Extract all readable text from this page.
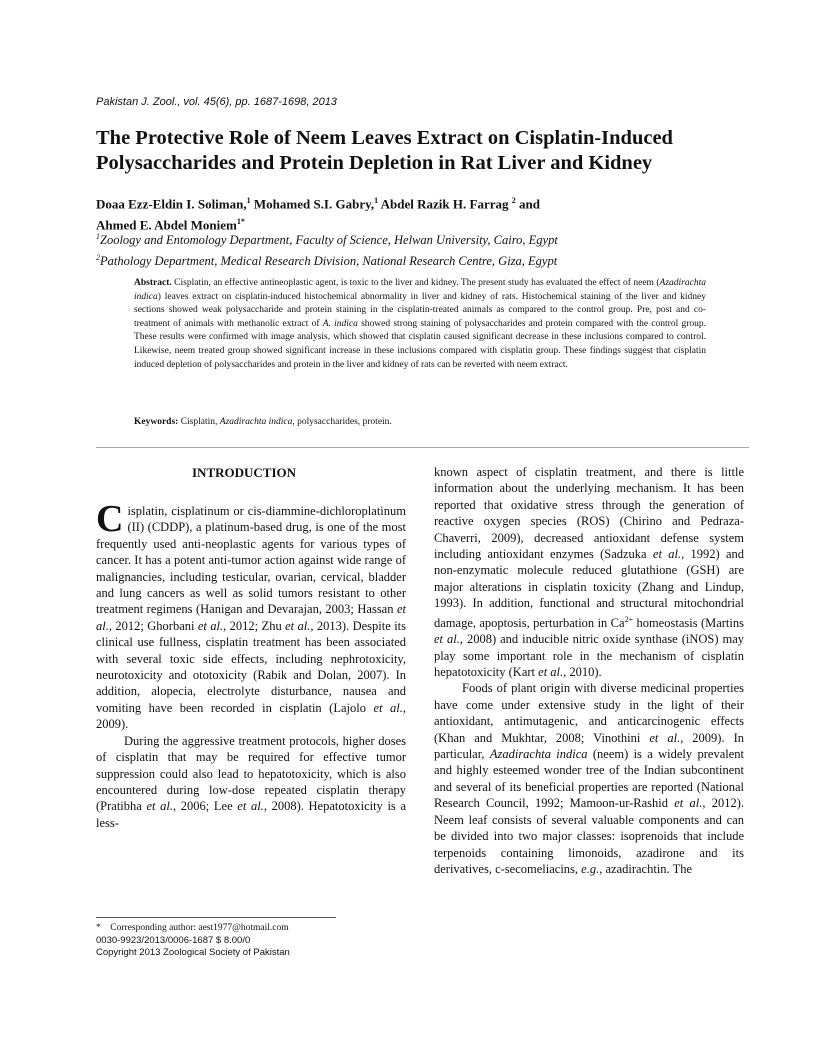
Pakistan J. Zool., vol. 45(6), pp. 1687-1698, 2013
The Protective Role of Neem Leaves Extract on Cisplatin-Induced Polysaccharides and Protein Depletion in Rat Liver and Kidney
Doaa Ezz-Eldin I. Soliman,$^1$ Mohamed S.I. Gabry,$^1$ Abdel Razik H. Farrag $^2$ and
Ahmed E. Abdel Moniem$^{1*}$
$^1$Zoology and Entomology Department, Faculty of Science, Helwan University, Cairo, Egypt
$^2$Pathology Department, Medical Research Division, National Research Centre, Giza, Egypt

Abstract. Cisplatin, an effective antineoplastic agent, is toxic to the liver and kidney. The present study has evaluated the effect of neem (Azadirachta indica) leaves extract on cisplatin-induced histochemical abnormality in liver and kidney of rats. Histochemical staining of the liver and kidney sections showed weak polysaccharide and protein staining in the cisplatin-treated animals as compared to the control group. Pre, post and co-treatment of animals with methanolic extract of A. indica showed strong staining of polysaccharides and protein compared with the control group. These results were confirmed with image analysis, which showed that cisplatin caused significant decrease in these inclusions compared to control. Likewise, neem treated group showed significant increase in these inclusions compared with cisplatin group. These findings suggest that cisplatin induced depletion of polysaccharides and protein in the liver and kidney of rats can be reverted with neem extract.

Keywords: Cisplatin, Azadirachta indica, polysaccharides, protein.
INTRODUCTION

Cisplatin, cisplatinum or cis-diammine-dichloroplatinum (II) (CDDP), a platinum-based drug, is one of the most frequently used anti-neoplastic agents for various types of cancer. It has a potent anti-tumor action against wide range of malignancies, including testicular, ovarian, cervical, bladder and lung cancers as well as solid tumors resistant to other treatment regimens (Hanigan and Devarajan, 2003; Hassan et al., 2012; Ghorbani et al., 2012; Zhu et al., 2013). Despite its clinical use fullness, cisplatin treatment has been associated with several toxic side effects, including nephrotoxicity, neurotoxicity and ototoxicity (Rabik and Dolan, 2007). In addition, alopecia, electrolyte disturbance, nausea and vomiting have been recorded in cisplatin (Lajolo et al., 2009).

During the aggressive treatment protocols, higher doses of cisplatin that may be required for effective tumor suppression could also lead to hepatotoxicity, which is also encountered during low-dose repeated cisplatin therapy (Pratibha et al., 2006; Lee et al., 2008). Hepatotoxicity is a less-

known aspect of cisplatin treatment, and there is little information about the underlying mechanism. It has been reported that oxidative stress through the generation of reactive oxygen species (ROS) (Chirino and Pedraza-Chaverri, 2009), decreased antioxidant defense system including antioxidant enzymes (Sadzuka et al., 1992) and non-enzymatic molecule reduced glutathione (GSH) are major alterations in cisplatin toxicity (Zhang and Lindup, 1993). In addition, functional and structural mitochondrial damage, apoptosis, perturbation in $Ca^{2+}$ homeostasis (Martins et al., 2008) and inducible nitric oxide synthase (iNOS) may play some important role in the mechanism of cisplatin hepatotoxicity (Kart et al., 2010).

Foods of plant origin with diverse medicinal properties have come under extensive study in the light of their antioxidant, antimutagenic, and anticarcinogenic effects (Khan and Mukhtar, 2008; Vinothini et al., 2009). In particular, Azadirachta indica (neem) is a widely prevalent and highly esteemed wonder tree of the Indian subcontinent and several of its beneficial properties are reported (National Research Council, 1992; Mamoon-ur-Rashid et al., 2012). Neem leaf consists of several valuable components and can be divided into two major classes: isoprenoids that include terpenoids containing limonoids, azadirone and its derivatives, c-secomeliacins, e.g., azadirachtin. The

*    Corresponding author: aest1977@hotmail.com
0030-9923/2013/0006-1687 $ 8.00/0
Copyright 2013 Zoological Society of Pakistan
